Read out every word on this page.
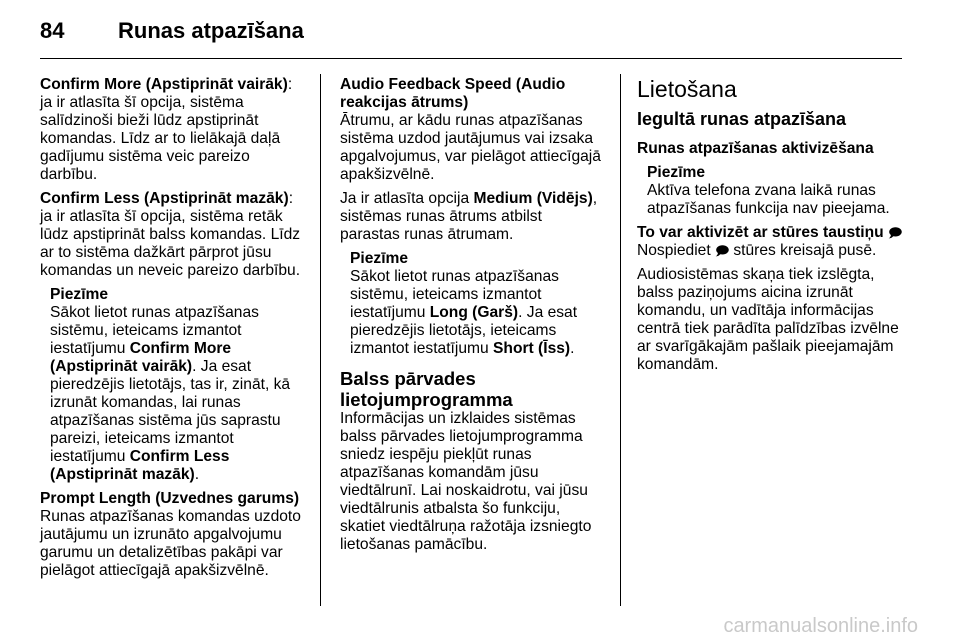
84	Runas atpazīšana

Confirm More (Apstiprināt vairāk): ja ir atlasīta šī opcija, sistēma salīdzinoši bieži lūdz apstiprināt komandas. Līdz ar to lielākajā daļā gadījumu sistēma veic pareizo darbību.

Confirm Less (Apstiprināt mazāk): ja ir atlasīta šī opcija, sistēma retāk lūdz apstiprināt balss komandas. Līdz ar to sistēma dažkārt pārprot jūsu komandas un neveic pareizo darbību.

Piezīme
Sākot lietot runas atpazīšanas sistēmu, ieteicams izmantot iestatījumu Confirm More (Apstiprināt vairāk). Ja esat pieredzējis lietotājs, tas ir, zināt, kā izrunāt komandas, lai runas atpazīšanas sistēma jūs saprastu pareizi, ieteicams izmantot iestatījumu Confirm Less (Apstiprināt mazāk).

Prompt Length (Uzvednes garums)
Runas atpazīšanas komandas uzdoto jautājumu un izrunāto apgalvojumu garumu un detalizētības pakāpi var pielāgot attiecīgajā apakšizvēlnē.

Audio Feedback Speed (Audio reakcijas ātrums)
Ātrumu, ar kādu runas atpazīšanas sistēma uzdod jautājumus vai izsaka apgalvojumus, var pielāgot attiecīgajā apakšizvēlnē.

Ja ir atlasīta opcija Medium (Vidējs), sistēmas runas ātrums atbilst parastas runas ātrumam.

Piezīme
Sākot lietot runas atpazīšanas sistēmu, ieteicams izmantot iestatījumu Long (Garš). Ja esat pieredzējis lietotājs, ieteicams izmantot iestatījumu Short (Īss).
Balss pārvades lietojumprogramma

Informācijas un izklaides sistēmas balss pārvades lietojumprogramma sniedz iespēju piekļūt runas atpazīšanas komandām jūsu viedtālrunī. Lai noskaidrotu, vai jūsu viedtālrunis atbalsta šo funkciju, skatiet viedtālruņa ražotāja izsniegto lietošanas pamācību.

Lietošana
Iegultā runas atpazīšana
Runas atpazīšanas aktivizēšana
Piezīme
Aktīva telefona zvana laikā runas atpazīšanas funkcija nav pieejama.

To var aktivizēt ar stūres taustiņu 🗩

Nospiediet 🗩 stūres kreisajā pusē.

Audiosistēmas skaņa tiek izslēgta, balss paziņojums aicina izrunāt komandu, un vadītāja informācijas centrā tiek parādīta palīdzības izvēlne ar svarīgākajām pašlaik pieejamajām komandām.

carmanualsonline.info
